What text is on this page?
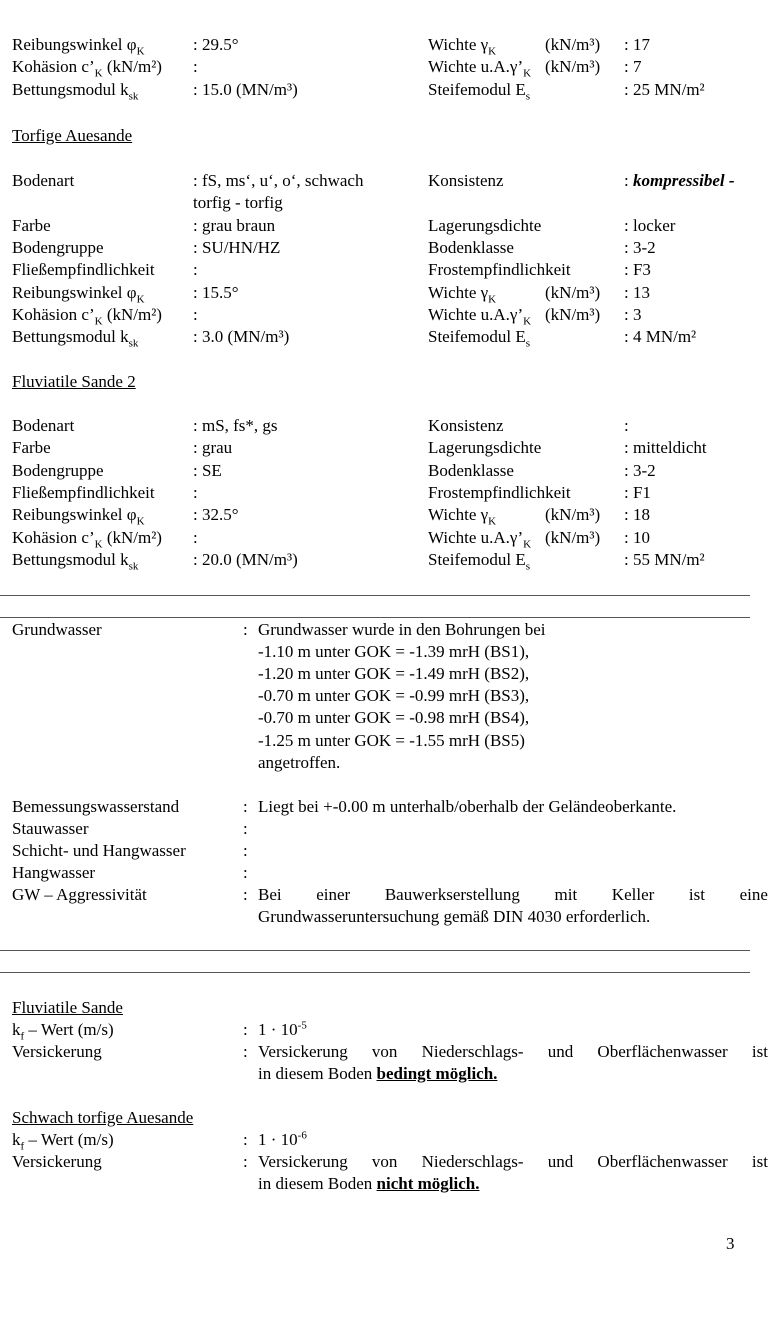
Reibungswinkel $\varphi_K$	: 29.5°	Wichte $\gamma_K$	(kN/m³) : 17
Kohäsion $c’_K$ (kN/m²) :	Wichte $u.A.\gamma’_K$ (kN/m³) : 7
Bettungsmodul $k_{sk}$	: 15.0 (MN/m³)	Steifemodul $E_s$	: 25 MN/m²
Torfige Auesande
Bodenart	: fS, ms‘, u‘, o‘, schwach	Konsistenz	: kompressibel -
torfig - torfig
Farbe	: grau braun	Lagerungsdichte	: locker
Bodengruppe	: SU/HN/HZ	Bodenklasse	: 3-2
Fließempfindlichkeit :	Frostempfindlichkeit	: F3
Reibungswinkel $\varphi_K$	: 15.5°	Wichte $\gamma_K$	(kN/m³) : 13
Kohäsion $c’_K$ (kN/m²) :	Wichte $u.A.\gamma’_K$ (kN/m³) : 3
Bettungsmodul $k_{sk}$	: 3.0 (MN/m³)	Steifemodul $E_s$	: 4 MN/m²
Fluviatile Sande 2
Bodenart	: mS, fs*, gs	Konsistenz	:
Farbe	: grau	Lagerungsdichte	: mitteldicht
Bodengruppe	: SE	Bodenklasse	: 3-2
Fließempfindlichkeit :	Frostempfindlichkeit	: F1
Reibungswinkel $\varphi_K$	: 32.5°	Wichte $\gamma_K$	(kN/m³) : 18
Kohäsion $c’_K$ (kN/m²) :	Wichte $u.A.\gamma’_K$ (kN/m³) : 10
Bettungsmodul $k_{sk}$	: 20.0 (MN/m³)	Steifemodul $E_s$	: 55 MN/m²
Grundwasser	: Grundwasser wurde in den Bohrungen bei
-1.10 m unter GOK = -1.39 mrH (BS1),
-1.20 m unter GOK = -1.49 mrH (BS2),
-0.70 m unter GOK = -0.99 mrH (BS3),
-0.70 m unter GOK = -0.98 mrH (BS4),
-1.25 m unter GOK = -1.55 mrH (BS5)
angetroffen.
Bemessungswasserstand	: Liegt bei +-0.00 m unterhalb/oberhalb der Geländeoberkante.
Stauwasser	:
Schicht- und Hangwasser	:
Hangwasser	:
GW – Aggressivität	: Bei einer Bauwerkserstellung mit Keller ist eine
Grundwasseruntersuchung gemäß DIN 4030 erforderlich.
Fluviatile Sande
$k_f$ – Wert (m/s)	: $1 \cdot 10^{-5}$
Versickerung	: Versickerung von Niederschlags- und Oberflächenwasser ist
in diesem Boden bedingt möglich.
Schwach torfige Auesande
$k_f$ – Wert (m/s)	: $1 \cdot 10^{-6}$
Versickerung	: Versickerung von Niederschlags- und Oberflächenwasser ist
in diesem Boden nicht möglich.
3
